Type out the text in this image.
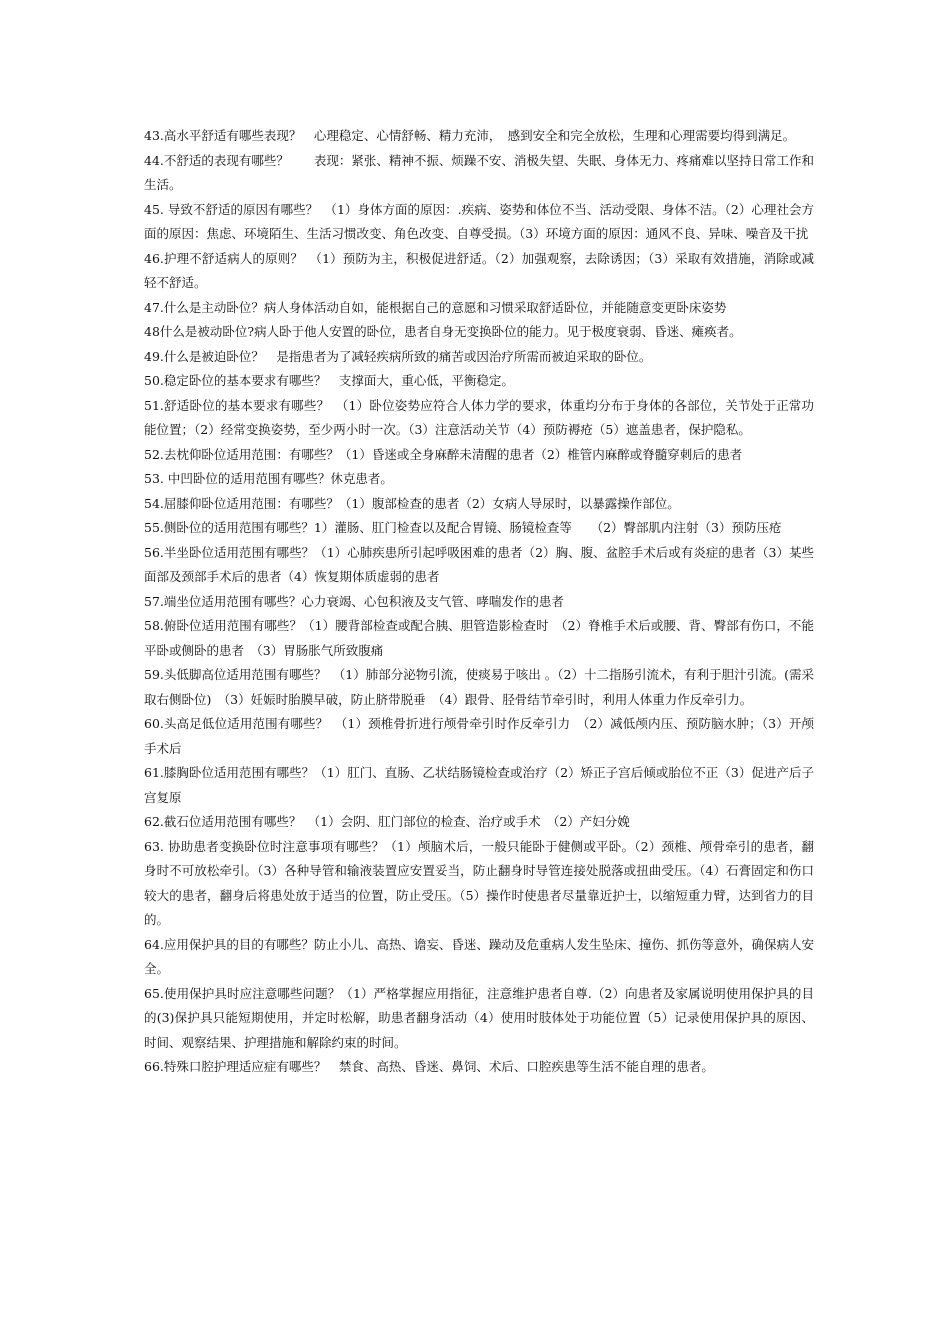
43.高水平舒适有哪些表现？　心理稳定、心情舒畅、精力充沛，　感到安全和完全放松，生理和心理需要均得到满足。

44.不舒适的表现有哪些？　　表现：紧张、精神不振、烦躁不安、消极失望、失眠、身体无力、疼痛难以坚持日常工作和生活。

45. 导致不舒适的原因有哪些？　（1）身体方面的原因：.疾病、姿势和体位不当、活动受限、身体不洁。（2）心理社会方面的原因：焦虑、环境陌生、生活习惯改变、角色改变、自尊受损。（3）环境方面的原因：通风不良、异味、噪音及干扰

46.护理不舒适病人的原则？　（1）预防为主，积极促进舒适。（2）加强观察，去除诱因；（3）采取有效措施，消除或减轻不舒适。

47.什么是主动卧位？病人身体活动自如，能根据自己的意愿和习惯采取舒适卧位，并能随意变更卧床姿势

48什么是被动卧位?病人卧于他人安置的卧位，患者自身无变换卧位的能力。见于极度衰弱、昏迷、瘫痪者。

49.什么是被迫卧位？　是指患者为了减轻疾病所致的痛苦或因治疗所需而被迫采取的卧位。

50.稳定卧位的基本要求有哪些？　支撑面大，重心低，平衡稳定。

51.舒适卧位的基本要求有哪些？　（1）卧位姿势应符合人体力学的要求，体重均分布于身体的各部位，关节处于正常功能位置；（2）经常变换姿势，至少两小时一次。（3）注意活动关节（4）预防褥疮（5）遮盖患者，保护隐私。

52.去枕仰卧位适用范围：有哪些？（1）昏迷或全身麻醉未清醒的患者（2）椎管内麻醉或脊髓穿刺后的患者

53. 中凹卧位的适用范围有哪些？休克患者。

54.屈膝仰卧位适用范围：有哪些？（1）腹部检查的患者（2）女病人导尿时，以暴露操作部位。

55.侧卧位的适用范围有哪些？1）灌肠、肛门检查以及配合胃镜、肠镜检查等　　（2）臀部肌内注射（3）预防压疮

56.半坐卧位适用范围有哪些？（1）心肺疾患所引起呼吸困难的患者（2）胸、腹、盆腔手术后或有炎症的患者（3）某些面部及颈部手术后的患者（4）恢复期体质虚弱的患者

57.端坐位适用范围有哪些？心力衰竭、心包积液及支气管、哮喘发作的患者

58.俯卧位适用范围有哪些？（1）腰背部检查或配合胰、胆管造影检查时　（2）脊椎手术后或腰、背、臀部有伤口，不能平卧或侧卧的患者　（3）胃肠胀气所致腹痛

59.头低脚高位适用范围有哪些？　（1）肺部分泌物引流，使痰易于咳出 。（2）十二指肠引流术，有利于胆汁引流。(需采取右侧卧位)　（3）妊娠时胎膜早破，防止脐带脱垂　（4）跟骨、胫骨结节牵引时，利用人体重力作反牵引力。

60.头高足低位适用范围有哪些？　（1）颈椎骨折进行颅骨牵引时作反牵引力　（2）减低颅内压、预防脑水肿；（3）开颅手术后

61.膝胸卧位适用范围有哪些？（1）肛门、直肠、乙状结肠镜检查或治疗（2）矫正子宫后倾或胎位不正（3）促进产后子宫复原

62.截石位适用范围有哪些？　（1）会阴、肛门部位的检查、治疗或手术　（2）产妇分娩

63. 协助患者变换卧位时注意事项有哪些？（1）颅脑术后，一般只能卧于健侧或平卧。（2）颈椎、颅骨牵引的患者，翻身时不可放松牵引。（3）各种导管和输液装置应安置妥当，防止翻身时导管连接处脱落或扭曲受压。（4）石膏固定和伤口较大的患者，翻身后将患处放于适当的位置，防止受压。（5）操作时使患者尽量靠近护士，以缩短重力臂，达到省力的目的。

64.应用保护具的目的有哪些？防止小儿、高热、谵妄、昏迷、躁动及危重病人发生坠床、撞伤、抓伤等意外，确保病人安全。

65.使用保护具时应注意哪些问题？（1）严格掌握应用指征，注意维护患者自尊.（2）向患者及家属说明使用保护具的目的(3)保护具只能短期使用，并定时松解，助患者翻身活动（4）使用时肢体处于功能位置（5）记录使用保护具的原因、时间、观察结果、护理措施和解除约束的时间。

66.特殊口腔护理适应症有哪些？　禁食、高热、昏迷、鼻饲、术后、口腔疾患等生活不能自理的患者。
